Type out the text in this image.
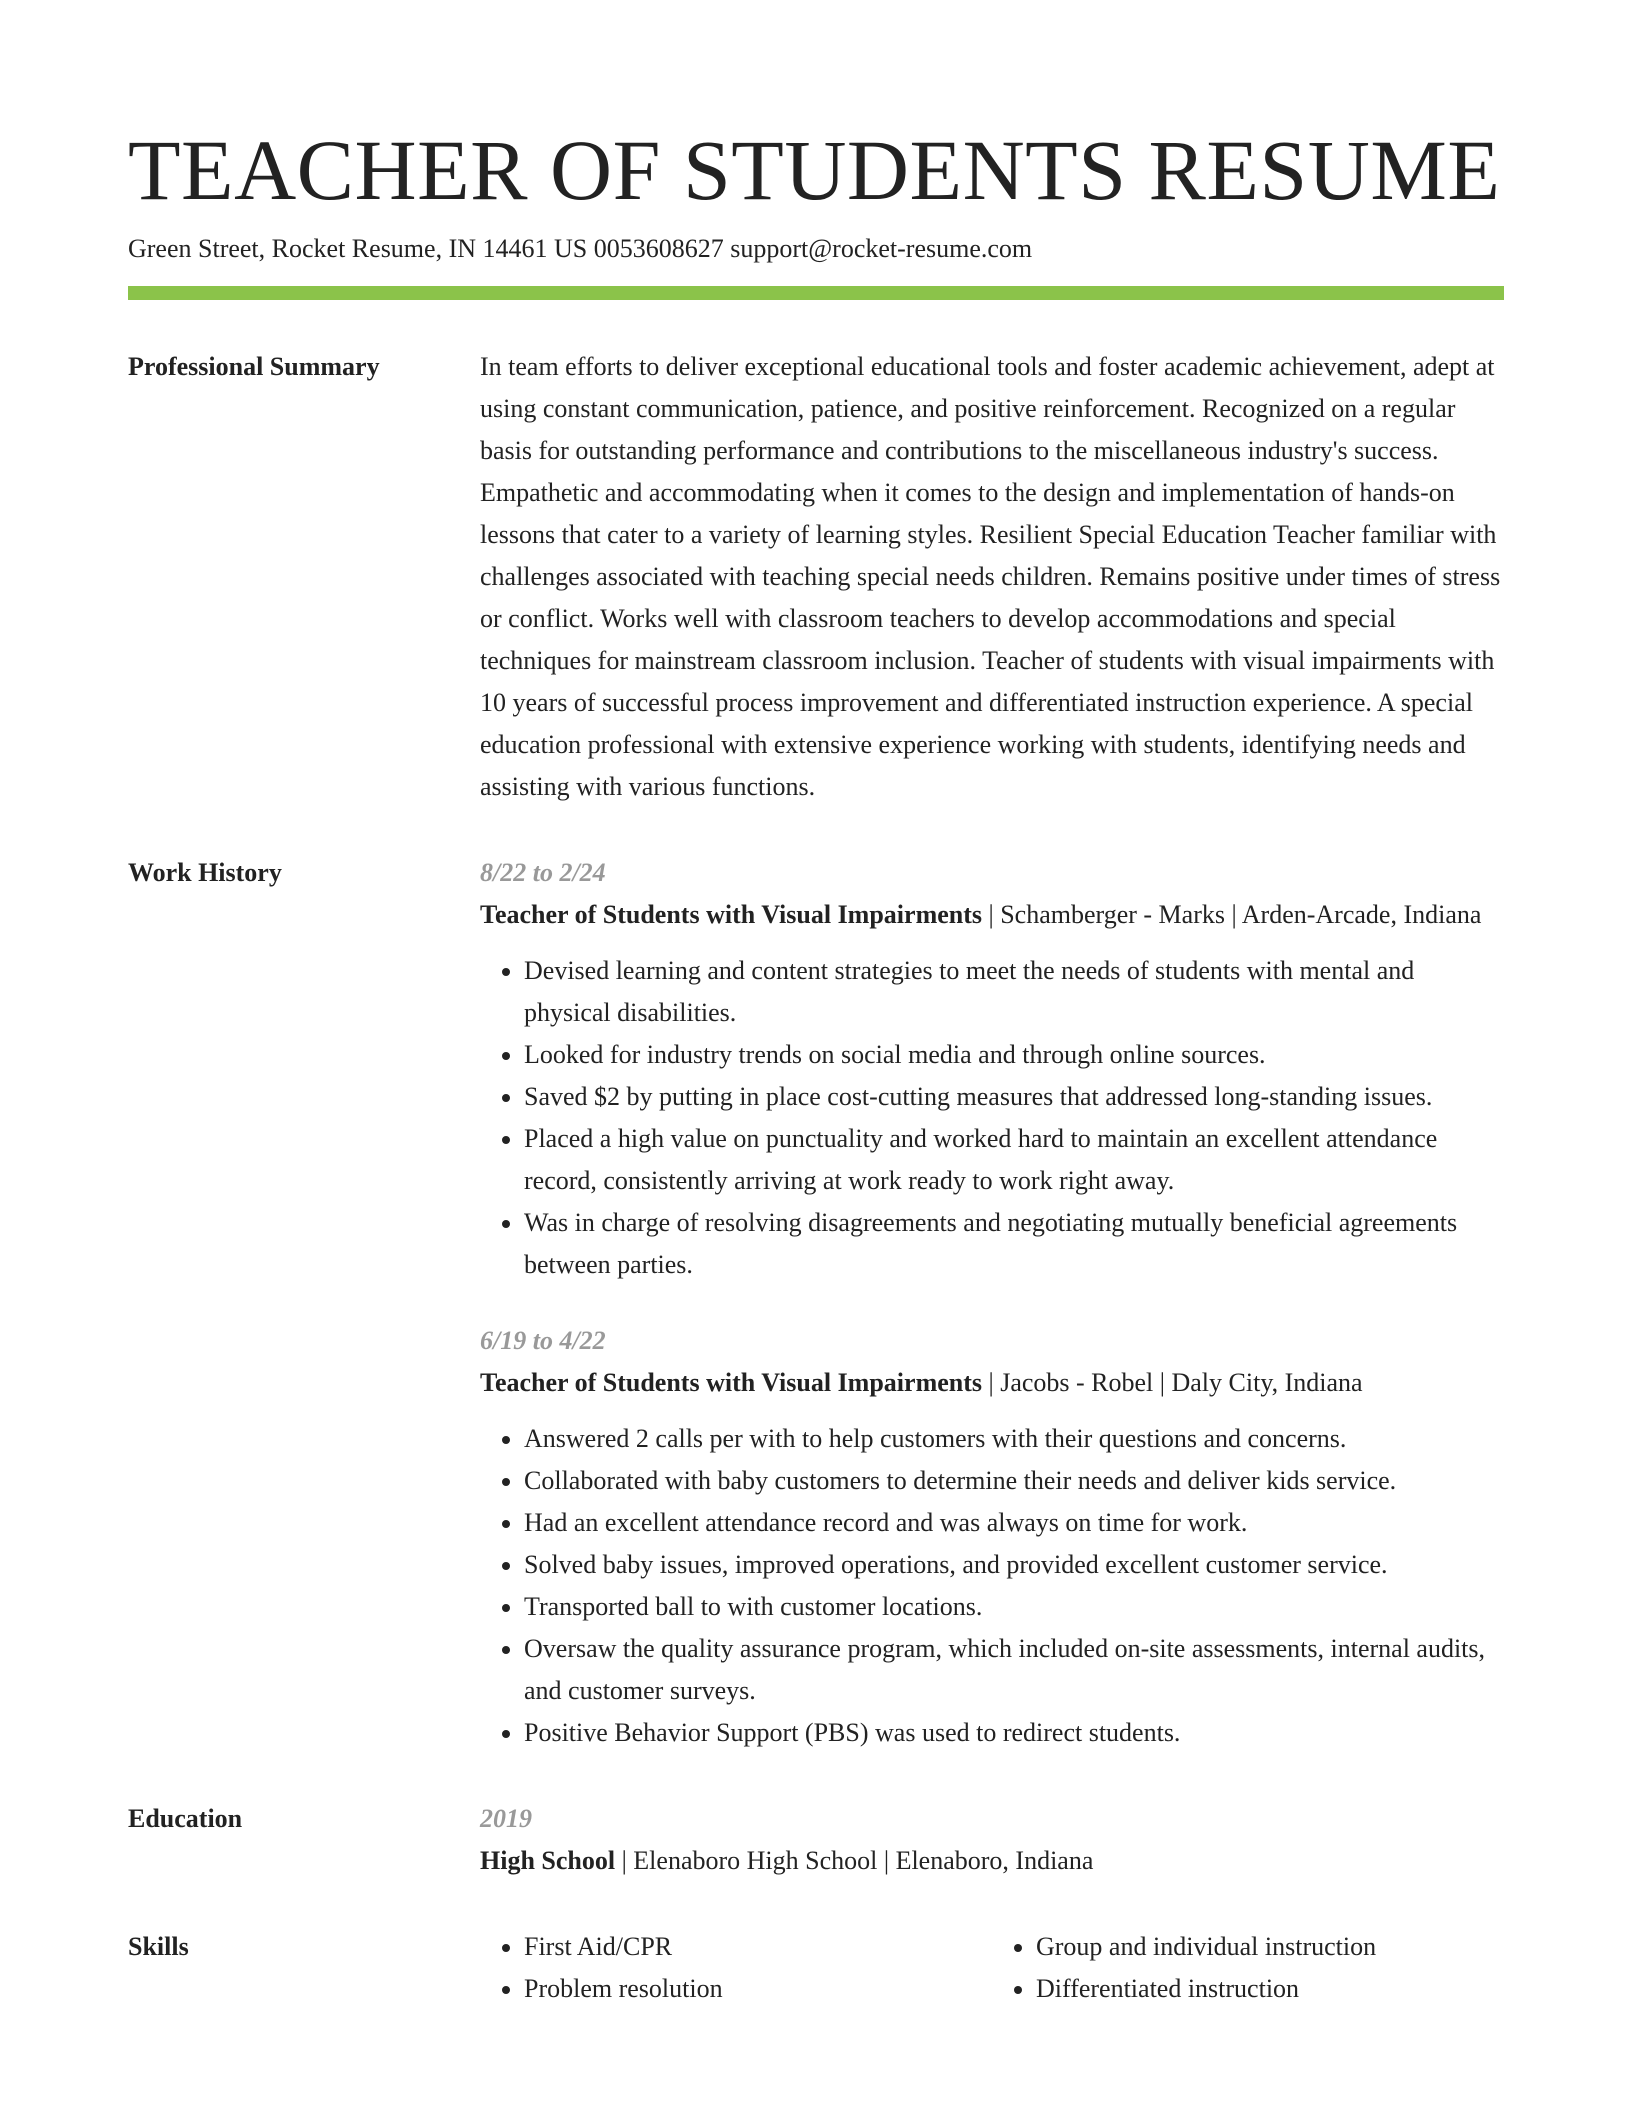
TEACHER OF STUDENTS RESUME
Green Street, Rocket Resume, IN 14461 US 0053608627 support@rocket-resume.com
Professional Summary	In team efforts to deliver exceptional educational tools and foster academic achievement, adept at using constant communication, patience, and positive reinforcement. Recognized on a regular basis for outstanding performance and contributions to the miscellaneous industry's success. Empathetic and accommodating when it comes to the design and implementation of hands-on lessons that cater to a variety of learning styles. Resilient Special Education Teacher familiar with challenges associated with teaching special needs children. Remains positive under times of stress or conflict. Works well with classroom teachers to develop accommodations and special techniques for mainstream classroom inclusion. Teacher of students with visual impairments with 10 years of successful process improvement and differentiated instruction experience. A special education professional with extensive experience working with students, identifying needs and assisting with various functions.

Work History	8/22 to 2/24
Teacher of Students with Visual Impairments | Schamberger - Marks | Arden-Arcade, Indiana
• Devised learning and content strategies to meet the needs of students with mental and physical disabilities.
• Looked for industry trends on social media and through online sources.
• Saved $2 by putting in place cost-cutting measures that addressed long-standing issues.
• Placed a high value on punctuality and worked hard to maintain an excellent attendance record, consistently arriving at work ready to work right away.
• Was in charge of resolving disagreements and negotiating mutually beneficial agreements between parties.
6/19 to 4/22
Teacher of Students with Visual Impairments | Jacobs - Robel | Daly City, Indiana
• Answered 2 calls per with to help customers with their questions and concerns.
• Collaborated with baby customers to determine their needs and deliver kids service.
• Had an excellent attendance record and was always on time for work.
• Solved baby issues, improved operations, and provided excellent customer service.
• Transported ball to with customer locations.
• Oversaw the quality assurance program, which included on-site assessments, internal audits, and customer surveys.
• Positive Behavior Support (PBS) was used to redirect students.
Education	2019
High School | Elenaboro High School | Elenaboro, Indiana
Skills
•	First Aid/CPR
• Problem resolution
• Group and individual instruction
• Differentiated instruction
